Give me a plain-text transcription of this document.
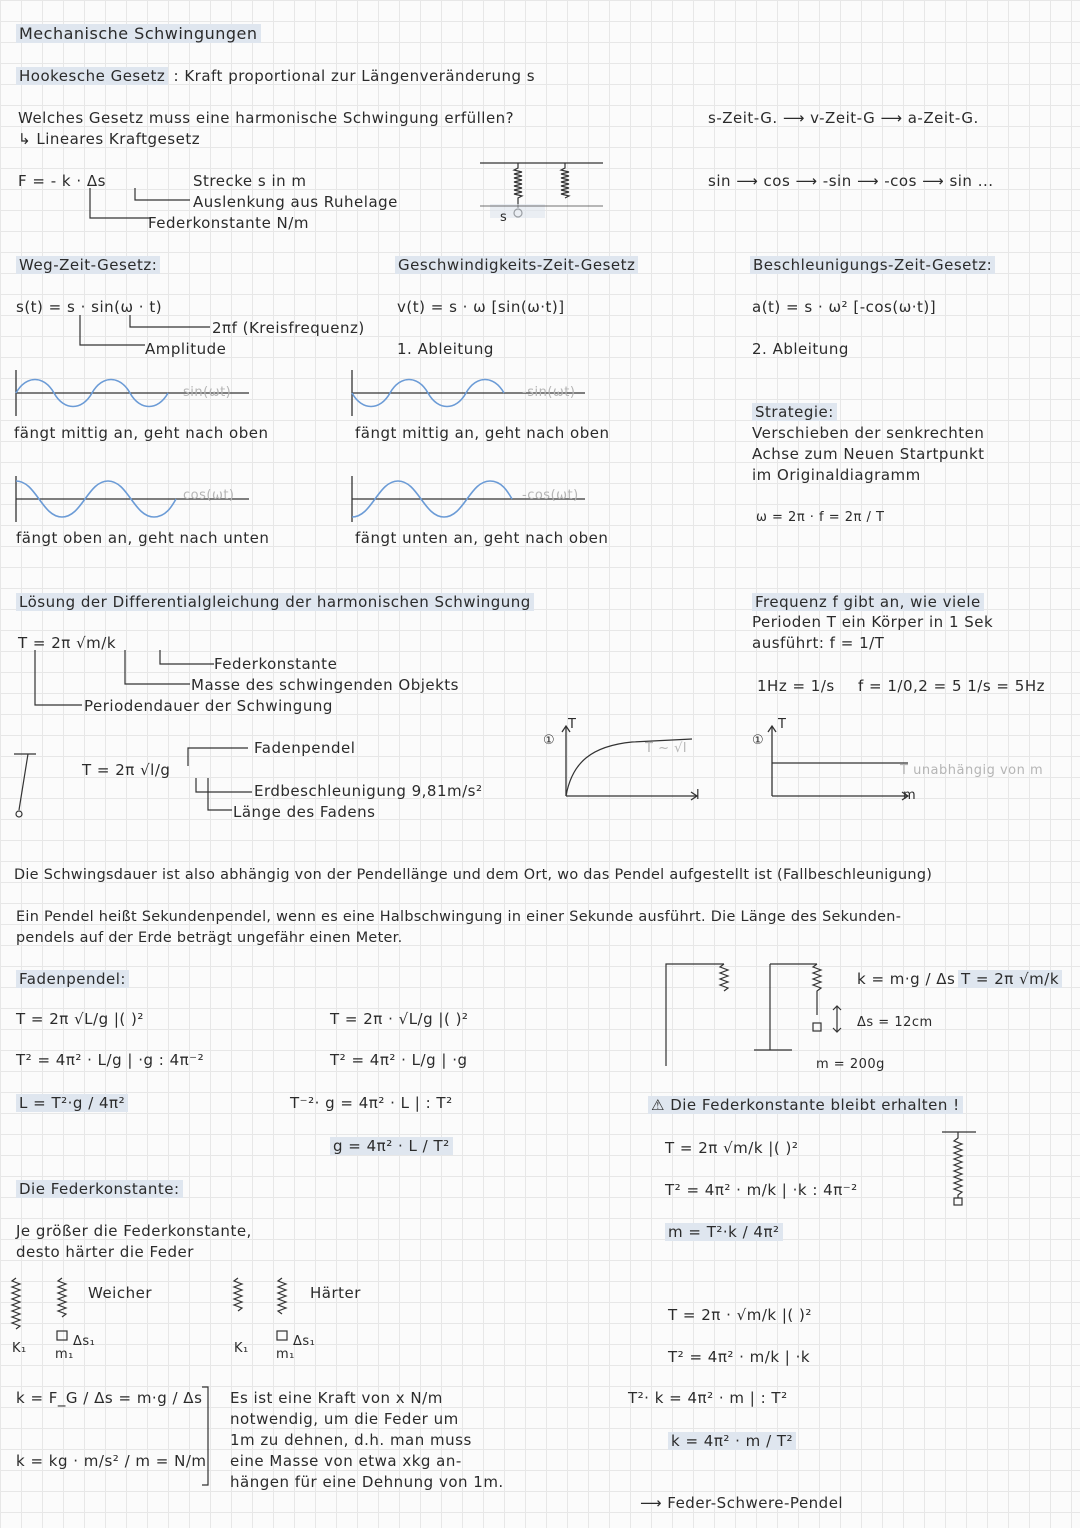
Mechanische Schwingungen
Hookesche Gesetz : Kraft proportional zur Längenveränderung s
Welches Gesetz muss eine harmonische Schwingung erfüllen?
↳ Lineares Kraftgesetz
s-Zeit-G. ⟶ v-Zeit-G ⟶ a-Zeit-G.
sin ⟶ cos ⟶ -sin ⟶ -cos ⟶ sin ...
F = - k · Δs	Strecke s in m
Auslenkung aus Ruhelage
Federkonstante N/m	s
Weg-Zeit-Gesetz:
s(t) = s · sin(ω · t)
2πf (Kreisfrequenz)
Amplitude
Geschwindigkeits-Zeit-Gesetz
v(t) = s · ω [sin(ω·t)]
1. Ableitung
Beschleunigungs-Zeit-Gesetz:
a(t) = s · ω² [-cos(ω·t)]
2. Ableitung
sin(ωt)
fängt mittig an, geht nach oben
-sin(ωt)
fängt mittig an, geht nach oben
cos(ωt)
fängt oben an, geht nach unten
-cos(ωt)
fängt unten an, geht nach oben
Strategie:
Verschieben der senkrechten
Achse zum Neuen Startpunkt
im Originaldiagramm
ω = 2π · f = 2π / T
Lösung der Differentialgleichung der harmonischen Schwingung
T = 2π √m/k
Federkonstante
Masse des schwingenden Objekts
Periodendauer der Schwingung
Frequenz f gibt an, wie viele
Perioden T ein Körper in 1 Sek
ausführt: f = 1/T
1Hz = 1/s f = 1/0,2 = 5 1/s = 5Hz
T = 2π √l/g
Fadenpendel
Erdbeschleunigung 9,81m/s²
Länge des Fadens
①
T
l
T ~ √l
①
T
m
T unabhängig von m
Die Schwingsdauer ist also abhängig von der Pendellänge und dem Ort, wo das Pendel aufgestellt ist (Fallbeschleunigung)
Ein Pendel heißt Sekundenpendel, wenn es eine Halbschwingung in einer Sekunde ausführt. Die Länge des Sekunden-
pendels auf der Erde beträgt ungefähr einen Meter.
Fadenpendel:
T = 2π √L/g |( )²
T² = 4π² · L/g | ·g : 4π⁻²
L = T²·g / 4π²
T = 2π · √L/g |( )²
T² = 4π² · L/g | ·g
T⁻²· g = 4π² · L | : T²
g = 4π² · L / T²
Die Federkonstante:
Je größer die Federkonstante,
desto härter die Feder
Weicher
Δs₁
K₁ m₁
Härter
Δs₁
K₁ m₁
k = F_G / Δs = m·g / Δs
k = kg · m/s² / m = N/m
Es ist eine Kraft von x N/m
notwendig, um die Feder um
1m zu dehnen, d.h. man muss
eine Masse von etwa xkg an-
hängen für eine Dehnung von 1m.
k = m·g / Δs T = 2π √m/k
Δs = 12cm
m = 200g
⚠ Die Federkonstante bleibt erhalten !
T = 2π √m/k |( )²
T² = 4π² · m/k | ·k : 4π⁻²
m = T²·k / 4π²
T = 2π · √m/k |( )²
T² = 4π² · m/k | ·k
T²· k = 4π² · m | : T²
k = 4π² · m / T²
⟶ Feder-Schwere-Pendel
